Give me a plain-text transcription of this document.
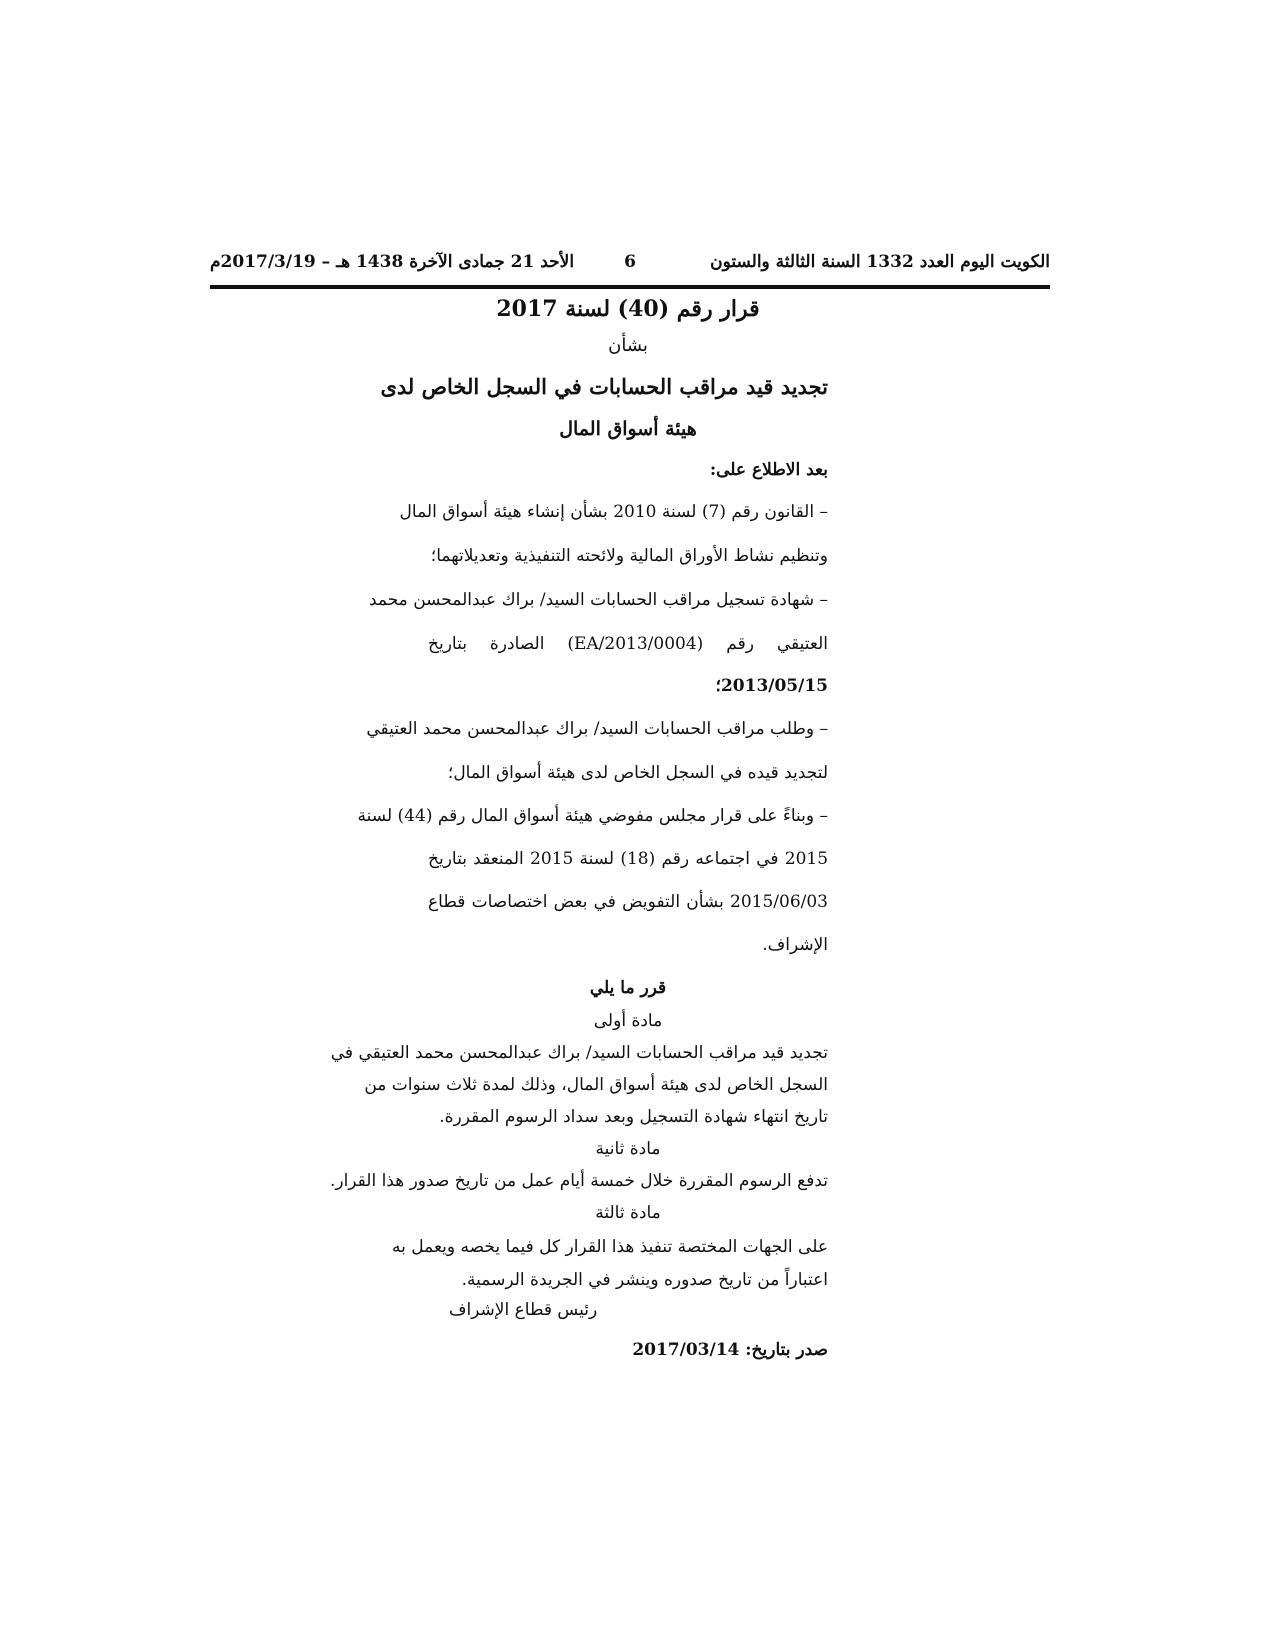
الكويت اليوم العدد 1332 السنة الثالثة والستون
6
الأحد 21 جمادى الآخرة 1438 هـ – 2017/3/19م
قرار رقم (40) لسنة 2017
بشأن
تجديد قيد مراقب الحسابات في السجل الخاص لدى
هيئة أسواق المال
بعد الاطلاع على:
– القانون رقم (7) لسنة 2010 بشأن إنشاء هيئة أسواق المال
وتنظيم نشاط الأوراق المالية ولائحته التنفيذية وتعديلاتهما؛
– شهادة تسجيل مراقب الحسابات السيد/ براك عبدالمحسن محمد
العتيقي رقم (EA/2013/0004) الصادرة بتاريخ
2013/05/15؛
– وطلب مراقب الحسابات السيد/ براك عبدالمحسن محمد العتيقي
لتجديد قيده في السجل الخاص لدى هيئة أسواق المال؛
– وبناءً على قرار مجلس مفوضي هيئة أسواق المال رقم (44) لسنة
2015 في اجتماعه رقم (18) لسنة 2015 المنعقد بتاريخ
2015/06/03 بشأن التفويض في بعض اختصاصات قطاع
الإشراف.
قرر ما يلي
مادة أولى
تجديد قيد مراقب الحسابات السيد/ براك عبدالمحسن محمد العتيقي في
السجل الخاص لدى هيئة أسواق المال، وذلك لمدة ثلاث سنوات من
تاريخ انتهاء شهادة التسجيل وبعد سداد الرسوم المقررة.
مادة ثانية
تدفع الرسوم المقررة خلال خمسة أيام عمل من تاريخ صدور هذا القرار.
مادة ثالثة
على الجهات المختصة تنفيذ هذا القرار كل فيما يخصه ويعمل به
اعتباراً من تاريخ صدوره وينشر في الجريدة الرسمية.
رئيس قطاع الإشراف
صدر بتاريخ: 2017/03/14
